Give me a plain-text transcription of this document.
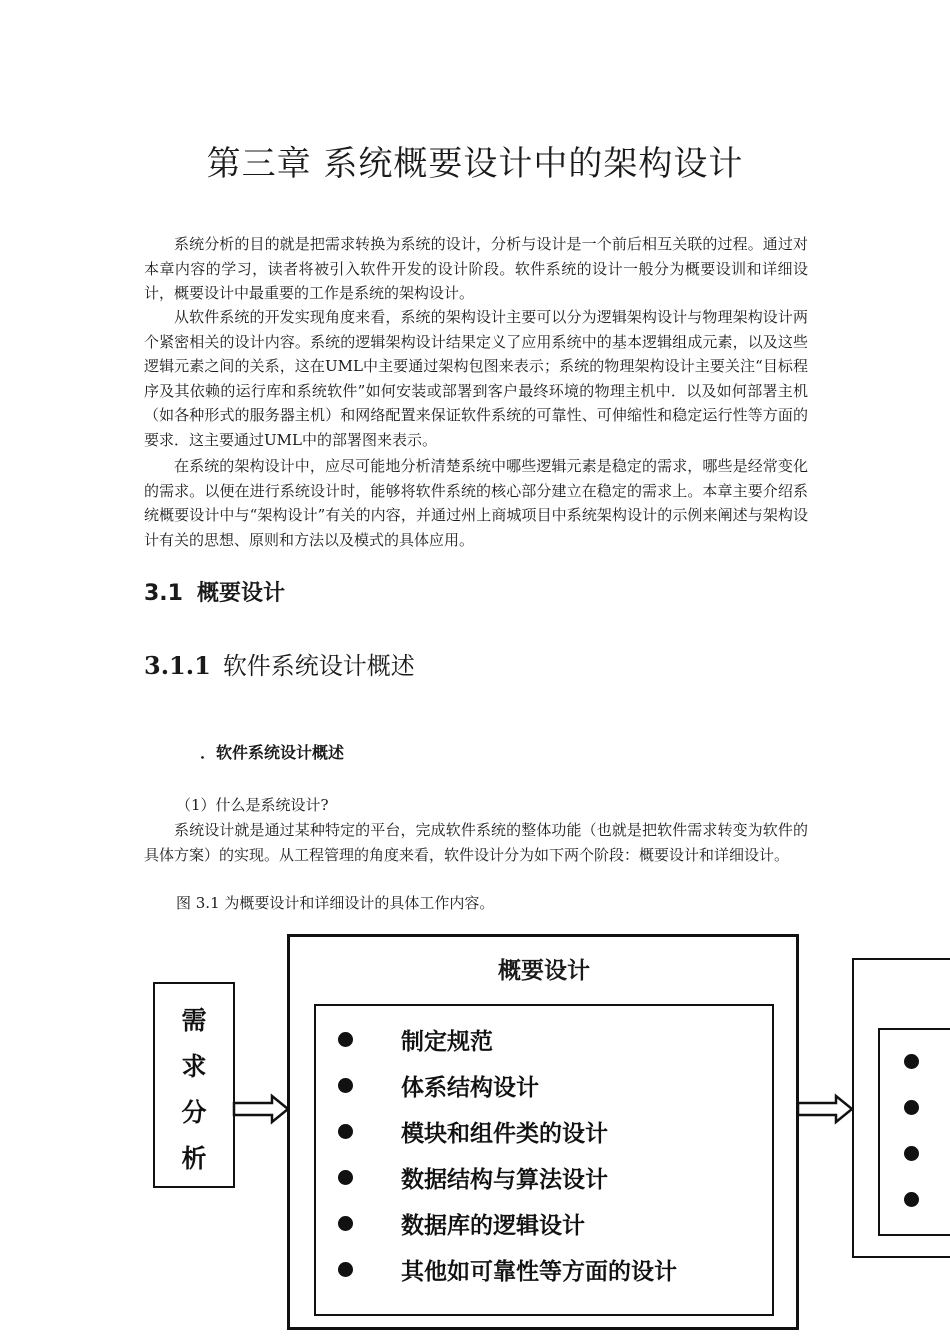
第三章 系统概要设计中的架构设计

系统分析的目的就是把需求转换为系统的设计，分析与设计是一个前后相互关联的过程。通过对本章内容的学习，读者将被引入软件开发的设计阶段。软件系统的设计一般分为概要设训和详细设计，概要设计中最重要的工作是系统的架构设计。

从软件系统的开发实现角度来看，系统的架构设计主要可以分为逻辑架构设计与物理架构设计两个紧密相关的设计内容。系统的逻辑架构设计结果定义了应用系统中的基本逻辑组成元素，以及这些逻辑元素之间的关系，这在UML中主要通过架构包图来表示；系统的物理架构设计主要关注“目标程序及其依赖的运行库和系统软件”如何安装或部署到客户最终环境的物理主机中．以及如何部署主机（如各种形式的服务器主机）和网络配置来保证软件系统的可靠性、可伸缩性和稳定运行性等方面的要求．这主要通过UML中的部署图来表示。

在系统的架构设计中，应尽可能地分析清楚系统中哪些逻辑元素是稳定的需求，哪些是经常变化的需求。以便在进行系统设计时，能够将软件系统的核心部分建立在稳定的需求上。本章主要介绍系统概要设计中与“架构设计”有关的内容，并通过州上商城项目中系统架构设计的示例来阐述与架构设计有关的思想、原则和方法以及模式的具体应用。

3.1 概要设计
3.1.1 软件系统设计概述
．软件系统设计概述

（1）什么是系统设计?

系统设计就是通过某种特定的平台，完成软件系统的整体功能（也就是把软件需求转变为软件的具体方案）的实现。从工程管理的角度来看，软件设计分为如下两个阶段：概要设计和详细设计。

图 3.1 为概要设计和详细设计的具体工作内容。

需
求
分
析
概要设计
制定规范
体系结构设计
模块和组件类的设计
数据结构与算法设计
数据库的逻辑设计
其他如可靠性等方面的设计
